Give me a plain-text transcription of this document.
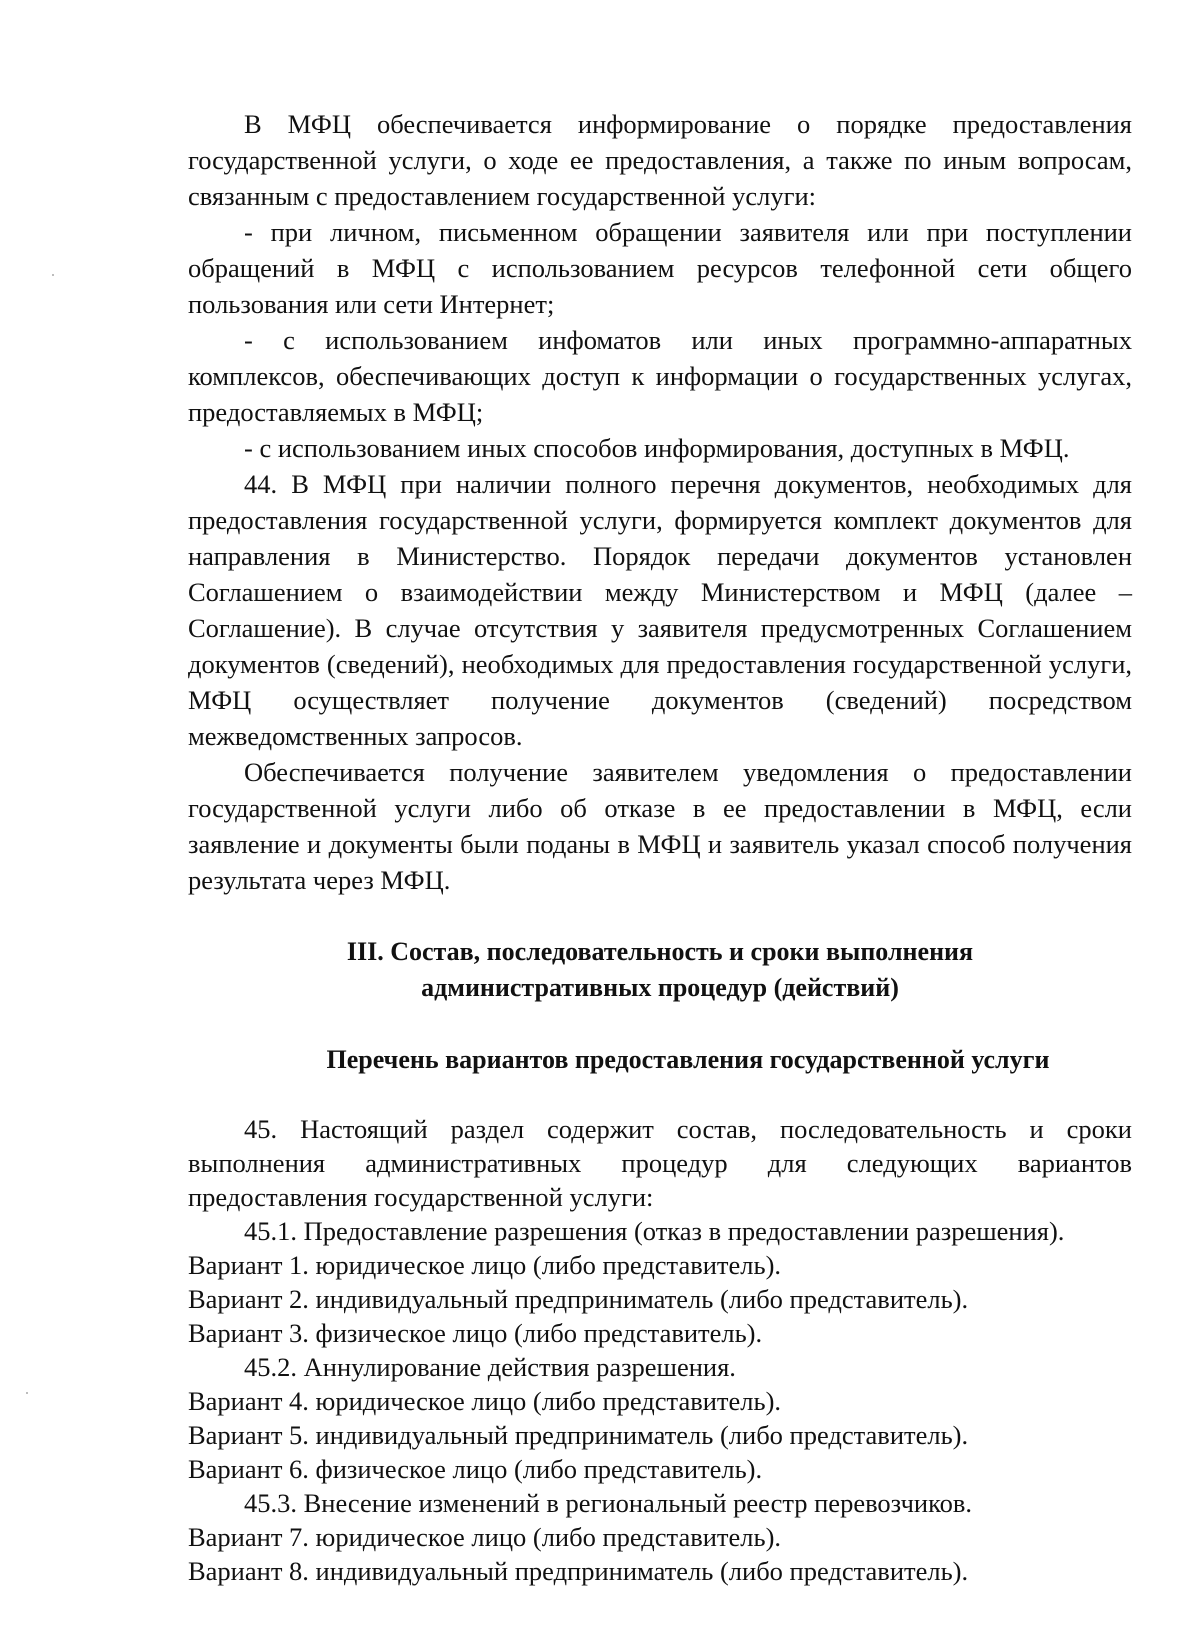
В МФЦ обеспечивается информирование о порядке предоставления государственной услуги, о ходе ее предоставления, а также по иным вопросам, связанным с предоставлением государственной услуги:

- при личном, письменном обращении заявителя или при поступлении обращений в МФЦ с использованием ресурсов телефонной сети общего пользования или сети Интернет;

- с использованием инфоматов или иных программно-аппаратных комплексов, обеспечивающих доступ к информации о государственных услугах, предоставляемых в МФЦ;

- с использованием иных способов информирования, доступных в МФЦ.

44. В МФЦ при наличии полного перечня документов, необходимых для предоставления государственной услуги, формируется комплект документов для направления в Министерство. Порядок передачи документов установлен Соглашением о взаимодействии между Министерством и МФЦ (далее – Соглашение). В случае отсутствия у заявителя предусмотренных Соглашением документов (сведений), необходимых для предоставления государственной услуги, МФЦ осуществляет получение документов (сведений) посредством межведомственных запросов.

Обеспечивается получение заявителем уведомления о предоставлении государственной услуги либо об отказе в ее предоставлении в МФЦ, если заявление и документы были поданы в МФЦ и заявитель указал способ получения результата через МФЦ.

III. Состав, последовательность и сроки выполнения
административных процедур (действий)
Перечень вариантов предоставления государственной услуги

45. Настоящий раздел содержит состав, последовательность и сроки выполнения административных процедур для следующих вариантов предоставления государственной услуги:

45.1. Предоставление разрешения (отказ в предоставлении разрешения).

Вариант 1. юридическое лицо (либо представитель).

Вариант 2. индивидуальный предприниматель (либо представитель).

Вариант 3. физическое лицо (либо представитель).

45.2. Аннулирование действия разрешения.

Вариант 4. юридическое лицо (либо представитель).

Вариант 5. индивидуальный предприниматель (либо представитель).

Вариант 6. физическое лицо (либо представитель).

45.3. Внесение изменений в региональный реестр перевозчиков.

Вариант 7. юридическое лицо (либо представитель).

Вариант 8. индивидуальный предприниматель (либо представитель).
